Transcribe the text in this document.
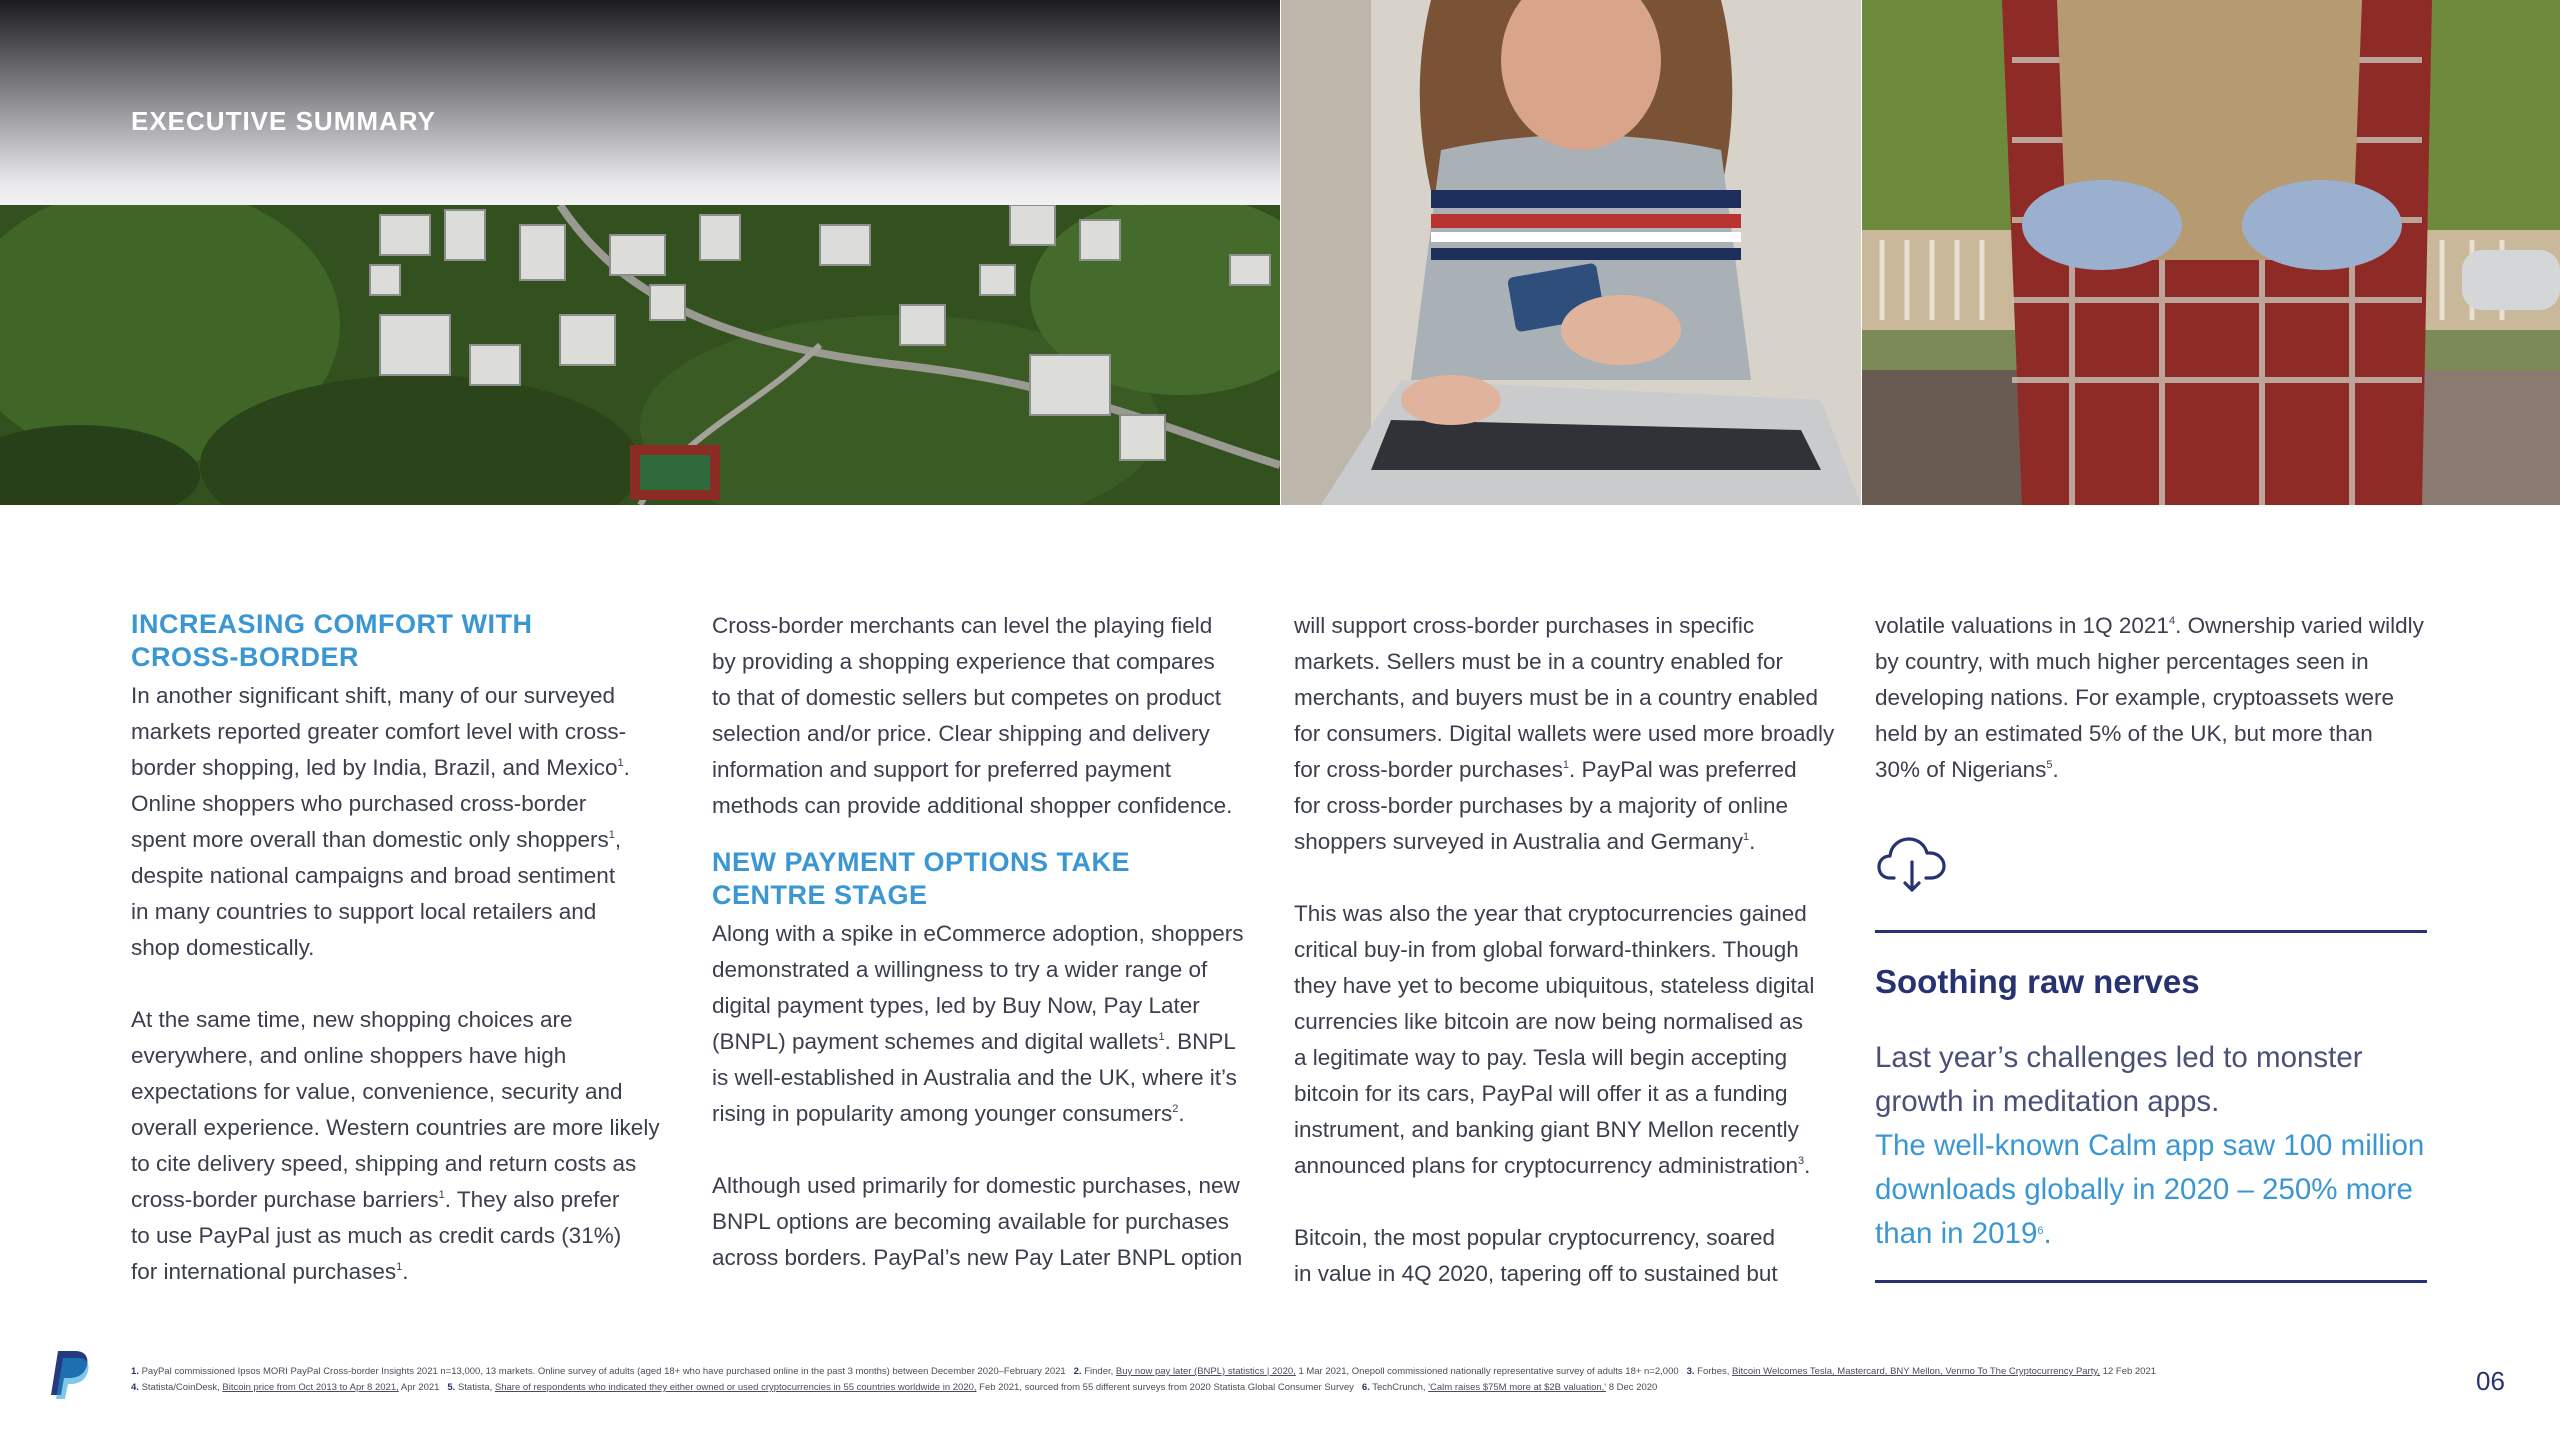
EXECUTIVE SUMMARY
INCREASING COMFORT WITH
CROSS-BORDER

In another significant shift, many of our surveyed
markets reported greater comfort level with cross-
border shopping, led by India, Brazil, and Mexico$^1$.
Online shoppers who purchased cross-border
spent more overall than domestic only shoppers$^1$,
despite national campaigns and broad sentiment
in many countries to support local retailers and
shop domestically.

At the same time, new shopping choices are
everywhere, and online shoppers have high
expectations for value, convenience, security and
overall experience. Western countries are more likely
to cite delivery speed, shipping and return costs as
cross-border purchase barriers$^1$. They also prefer
to use PayPal just as much as credit cards (31%)
for international purchases$^1$.

Cross-border merchants can level the playing field
by providing a shopping experience that compares
to that of domestic sellers but competes on product
selection and/or price. Clear shipping and delivery
information and support for preferred payment
methods can provide additional shopper confidence.

NEW PAYMENT OPTIONS TAKE
CENTRE STAGE

Along with a spike in eCommerce adoption, shoppers
demonstrated a willingness to try a wider range of
digital payment types, led by Buy Now, Pay Later
(BNPL) payment schemes and digital wallets$^1$. BNPL
is well-established in Australia and the UK, where it’s
rising in popularity among younger consumers$^2$.

Although used primarily for domestic purchases, new
BNPL options are becoming available for purchases
across borders. PayPal’s new Pay Later BNPL option

will support cross-border purchases in specific
markets. Sellers must be in a country enabled for
merchants, and buyers must be in a country enabled
for consumers. Digital wallets were used more broadly
for cross-border purchases$^1$. PayPal was preferred
for cross-border purchases by a majority of online
shoppers surveyed in Australia and Germany$^1$.

This was also the year that cryptocurrencies gained
critical buy-in from global forward-thinkers. Though
they have yet to become ubiquitous, stateless digital
currencies like bitcoin are now being normalised as
a legitimate way to pay. Tesla will begin accepting
bitcoin for its cars, PayPal will offer it as a funding
instrument, and banking giant BNY Mellon recently
announced plans for cryptocurrency administration$^3$.

Bitcoin, the most popular cryptocurrency, soared
in value in 4Q 2020, tapering off to sustained but

volatile valuations in 1Q 2021$^4$. Ownership varied wildly
by country, with much higher percentages seen in
developing nations. For example, cryptoassets were
held by an estimated 5% of the UK, but more than
30% of Nigerians$^5$.

Soothing raw nerves
Last year’s challenges led to monster
growth in meditation apps.
The well-known Calm app saw 100 million
downloads globally in 2020 – 250% more
than in 2019$^6$.
1. PayPal commissioned Ipsos MORI PayPal Cross-border Insights 2021 n=13,000, 13 markets. Online survey of adults (aged 18+ who have purchased online in the past 3 months) between December 2020–February 2021 2. Finder, Buy now pay later (BNPL) statistics | 2020, 1 Mar 2021, Onepoll commissioned nationally representative survey of adults 18+ n=2,000 3. Forbes, Bitcoin Welcomes Tesla, Mastercard, BNY Mellon, Venmo To The Cryptocurrency Party, 12 Feb 2021
4. Statista/CoinDesk, Bitcoin price from Oct 2013 to Apr 8 2021, Apr 2021 5. Statista, Share of respondents who indicated they either owned or used cryptocurrencies in 55 countries worldwide in 2020, Feb 2021, sourced from 55 different surveys from 2020 Statista Global Consumer Survey 6. TechCrunch, 'Calm raises $75M more at $2B valuation,' 8 Dec 2020	06
